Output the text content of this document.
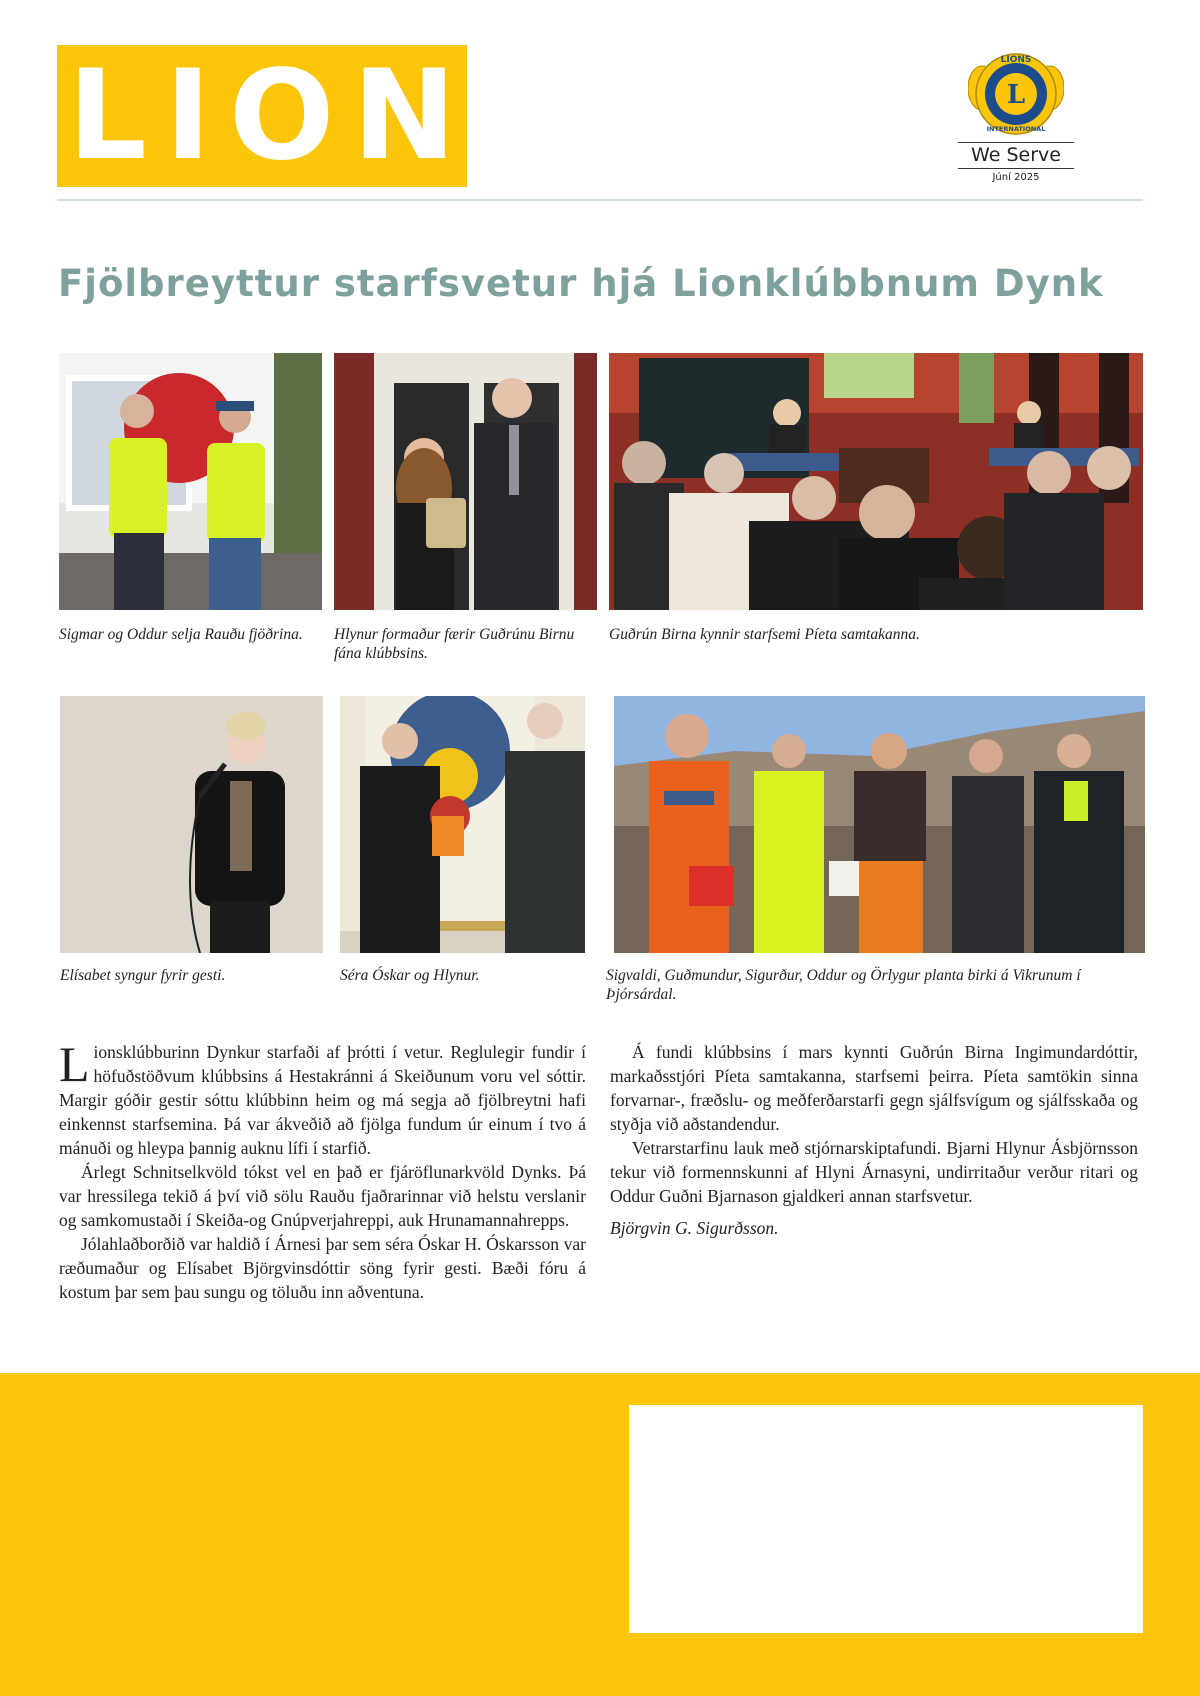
LION	LIONS
INTERNATIONAL
L
We Serve
Júní 2025
Fjölbreyttur starfsvetur hjá Lionklúbbnum Dynk

Sigmar og Oddur selja Rauðu fjöðrina.	Hlynur formaður færir Guðrúnu Birnu fána klúbbsins.

Guðrún Birna kynnir starfsemi Píeta samtakanna.

Elísabet syngur fyrir gesti.	Séra Óskar og Hlynur.	Sigvaldi, Guðmundur, Sigurður, Oddur og Örlygur planta birki á Vikrunum í Þjórsárdal.

Lionsklúbburinn Dynkur starfaði af þrótti í vetur. Reglulegir fundir í höfuðstöðvum klúbbsins á Hestakránni á Skeiðunum voru vel sóttir. Margir góðir gestir sóttu klúbbinn heim og má segja að fjölbreytni hafi einkennst starfsemina. Þá var ákveðið að fjölga fundum úr einum í tvo á mánuði og hleypa þannig auknu lífi í starfið.

Árlegt Schnitselkvöld tókst vel en það er fjáröflunarkvöld Dynks. Þá var hressilega tekið á því við sölu Rauðu fjaðrarinnar við helstu verslanir og samkomustaði í Skeiða-og Gnúpverjahreppi, auk Hrunamannahrepps.

Jólahlaðborðið var haldið í Árnesi þar sem séra Óskar H. Óskarsson var ræðumaður og Elísabet Björgvinsdóttir söng fyrir gesti. Bæði fóru á kostum þar sem þau sungu og töluðu inn aðventuna.

Á fundi klúbbsins í mars kynnti Guðrún Birna Ingimundardóttir, markaðsstjóri Píeta samtakanna, starfsemi þeirra. Píeta samtökin sinna forvarnar-, fræðslu- og meðferðarstarfi gegn sjálfsvígum og sjálfsskaða og styðja við aðstandendur.

Vetrarstarfinu lauk með stjórnarskiptafundi. Bjarni Hlynur Ásbjörnsson tekur við formennskunni af Hlyni Árnasyni, undirritaður verður ritari og Oddur Guðni Bjarnason gjaldkeri annan starfsvetur.

Björgvin G. Sigurðsson.
